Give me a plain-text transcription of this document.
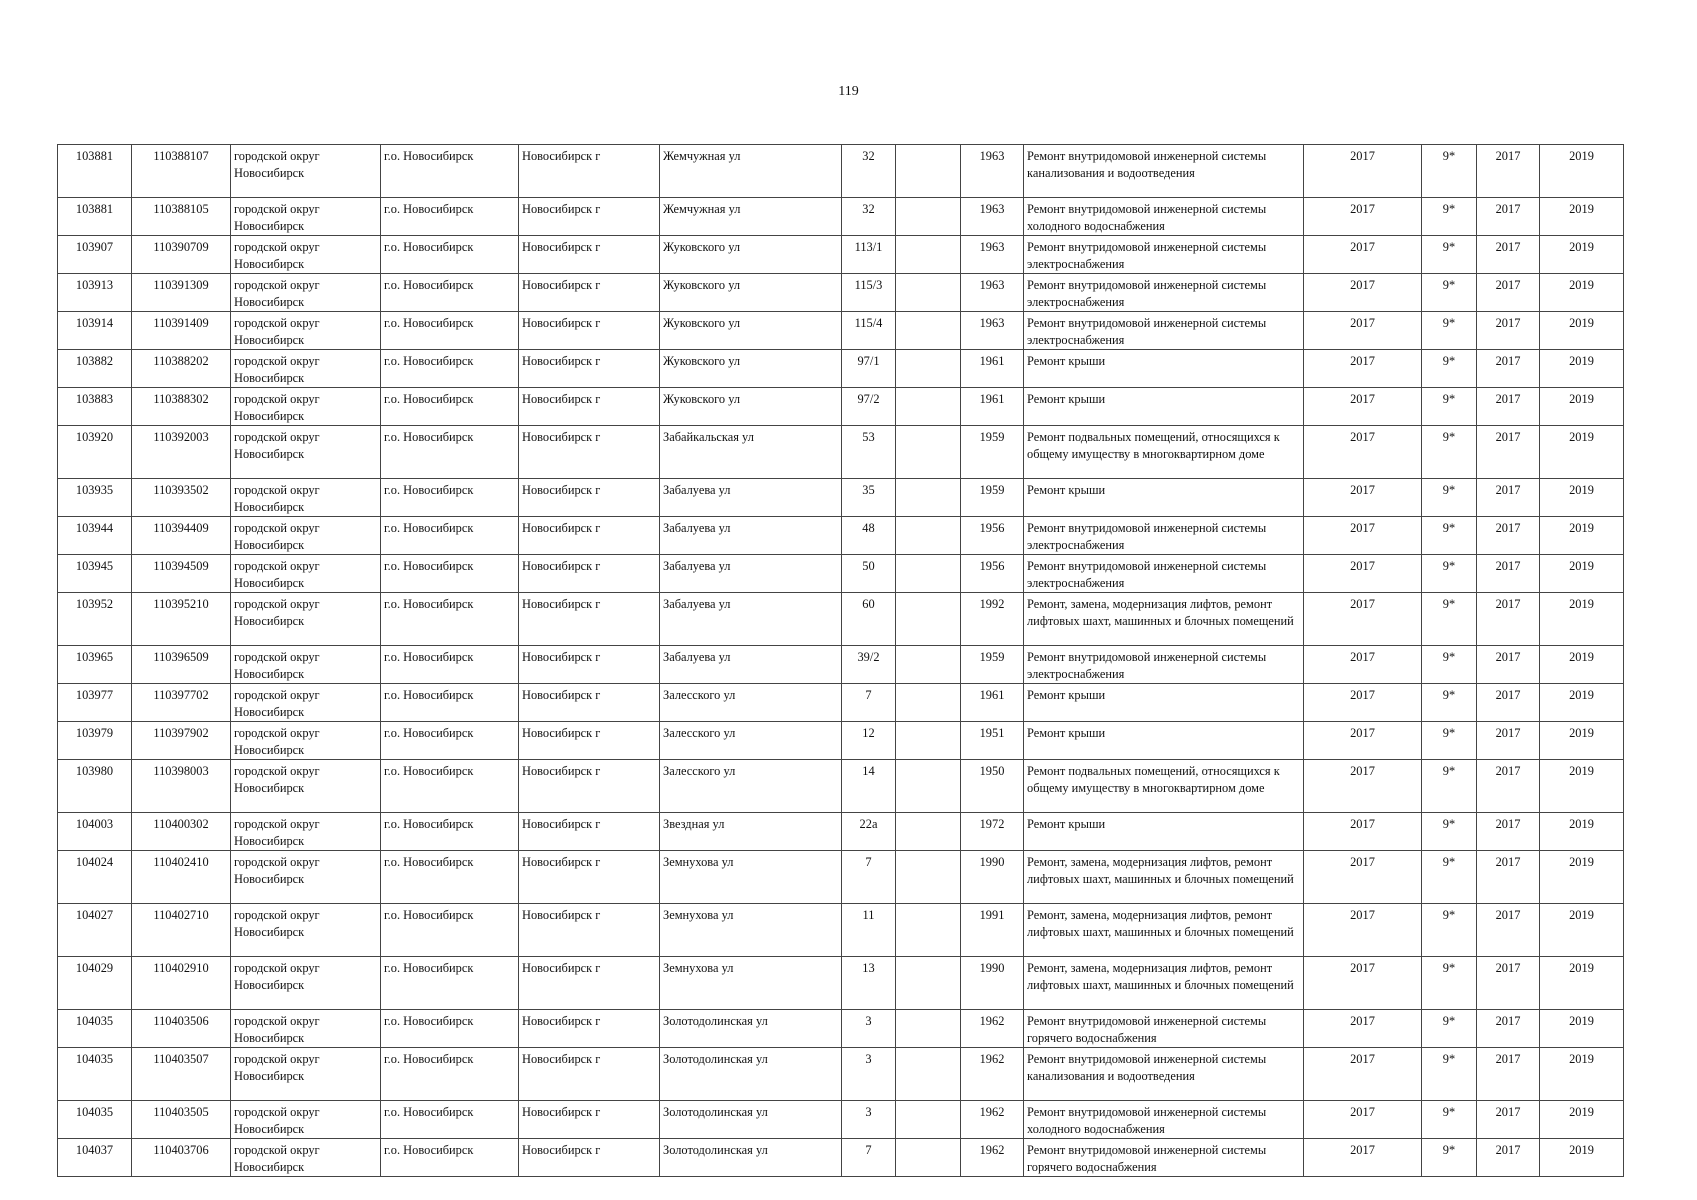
119
103881	110388107	городской округ Новосибирск	г.о. Новосибирск	Новосибирск г	Жемчужная ул	32		1963	Ремонт внутридомовой инженерной системы канализования и водоотведения	2017	9*	2017	2019
103881	110388105	городской округ Новосибирск	г.о. Новосибирск	Новосибирск г	Жемчужная ул	32		1963	Ремонт внутридомовой инженерной системы холодного водоснабжения	2017	9*	2017	2019
103907	110390709	городской округ Новосибирск	г.о. Новосибирск	Новосибирск г	Жуковского ул	113/1		1963	Ремонт внутридомовой инженерной системы электроснабжения	2017	9*	2017	2019
103913	110391309	городской округ Новосибирск	г.о. Новосибирск	Новосибирск г	Жуковского ул	115/3		1963	Ремонт внутридомовой инженерной системы электроснабжения	2017	9*	2017	2019
103914	110391409	городской округ Новосибирск	г.о. Новосибирск	Новосибирск г	Жуковского ул	115/4		1963	Ремонт внутридомовой инженерной системы электроснабжения	2017	9*	2017	2019
103882	110388202	городской округ Новосибирск	г.о. Новосибирск	Новосибирск г	Жуковского ул	97/1		1961	Ремонт крыши	2017	9*	2017	2019
103883	110388302	городской округ Новосибирск	г.о. Новосибирск	Новосибирск г	Жуковского ул	97/2		1961	Ремонт крыши	2017	9*	2017	2019
103920	110392003	городской округ Новосибирск	г.о. Новосибирск	Новосибирск г	Забайкальская ул	53		1959	Ремонт подвальных помещений, относящихся к общему имуществу в многоквартирном доме	2017	9*	2017	2019
103935	110393502	городской округ Новосибирск	г.о. Новосибирск	Новосибирск г	Забалуева ул	35		1959	Ремонт крыши	2017	9*	2017	2019
103944	110394409	городской округ Новосибирск	г.о. Новосибирск	Новосибирск г	Забалуева ул	48		1956	Ремонт внутридомовой инженерной системы электроснабжения	2017	9*	2017	2019
103945	110394509	городской округ Новосибирск	г.о. Новосибирск	Новосибирск г	Забалуева ул	50		1956	Ремонт внутридомовой инженерной системы электроснабжения	2017	9*	2017	2019
103952	110395210	городской округ Новосибирск	г.о. Новосибирск	Новосибирск г	Забалуева ул	60		1992	Ремонт, замена, модернизация лифтов, ремонт лифтовых шахт, машинных и блочных помещений	2017	9*	2017	2019
103965	110396509	городской округ Новосибирск	г.о. Новосибирск	Новосибирск г	Забалуева ул	39/2		1959	Ремонт внутридомовой инженерной системы электроснабжения	2017	9*	2017	2019
103977	110397702	городской округ Новосибирск	г.о. Новосибирск	Новосибирск г	Залесского ул	7		1961	Ремонт крыши	2017	9*	2017	2019
103979	110397902	городской округ Новосибирск	г.о. Новосибирск	Новосибирск г	Залесского ул	12		1951	Ремонт крыши	2017	9*	2017	2019
103980	110398003	городской округ Новосибирск	г.о. Новосибирск	Новосибирск г	Залесского ул	14		1950	Ремонт подвальных помещений, относящихся к общему имуществу в многоквартирном доме	2017	9*	2017	2019
104003	110400302	городской округ Новосибирск	г.о. Новосибирск	Новосибирск г	Звездная ул	22а		1972	Ремонт крыши	2017	9*	2017	2019
104024	110402410	городской округ Новосибирск	г.о. Новосибирск	Новосибирск г	Земнухова ул	7		1990	Ремонт, замена, модернизация лифтов, ремонт лифтовых шахт, машинных и блочных помещений	2017	9*	2017	2019
104027	110402710	городской округ Новосибирск	г.о. Новосибирск	Новосибирск г	Земнухова ул	11		1991	Ремонт, замена, модернизация лифтов, ремонт лифтовых шахт, машинных и блочных помещений	2017	9*	2017	2019
104029	110402910	городской округ Новосибирск	г.о. Новосибирск	Новосибирск г	Земнухова ул	13		1990	Ремонт, замена, модернизация лифтов, ремонт лифтовых шахт, машинных и блочных помещений	2017	9*	2017	2019
104035	110403506	городской округ Новосибирск	г.о. Новосибирск	Новосибирск г	Золотодолинская ул	3		1962	Ремонт внутридомовой инженерной системы горячего водоснабжения	2017	9*	2017	2019
104035	110403507	городской округ Новосибирск	г.о. Новосибирск	Новосибирск г	Золотодолинская ул	3		1962	Ремонт внутридомовой инженерной системы канализования и водоотведения	2017	9*	2017	2019
104035	110403505	городской округ Новосибирск	г.о. Новосибирск	Новосибирск г	Золотодолинская ул	3		1962	Ремонт внутридомовой инженерной системы холодного водоснабжения	2017	9*	2017	2019
104037	110403706	городской округ Новосибирск	г.о. Новосибирск	Новосибирск г	Золотодолинская ул	7		1962	Ремонт внутридомовой инженерной системы горячего водоснабжения	2017	9*	2017	2019
